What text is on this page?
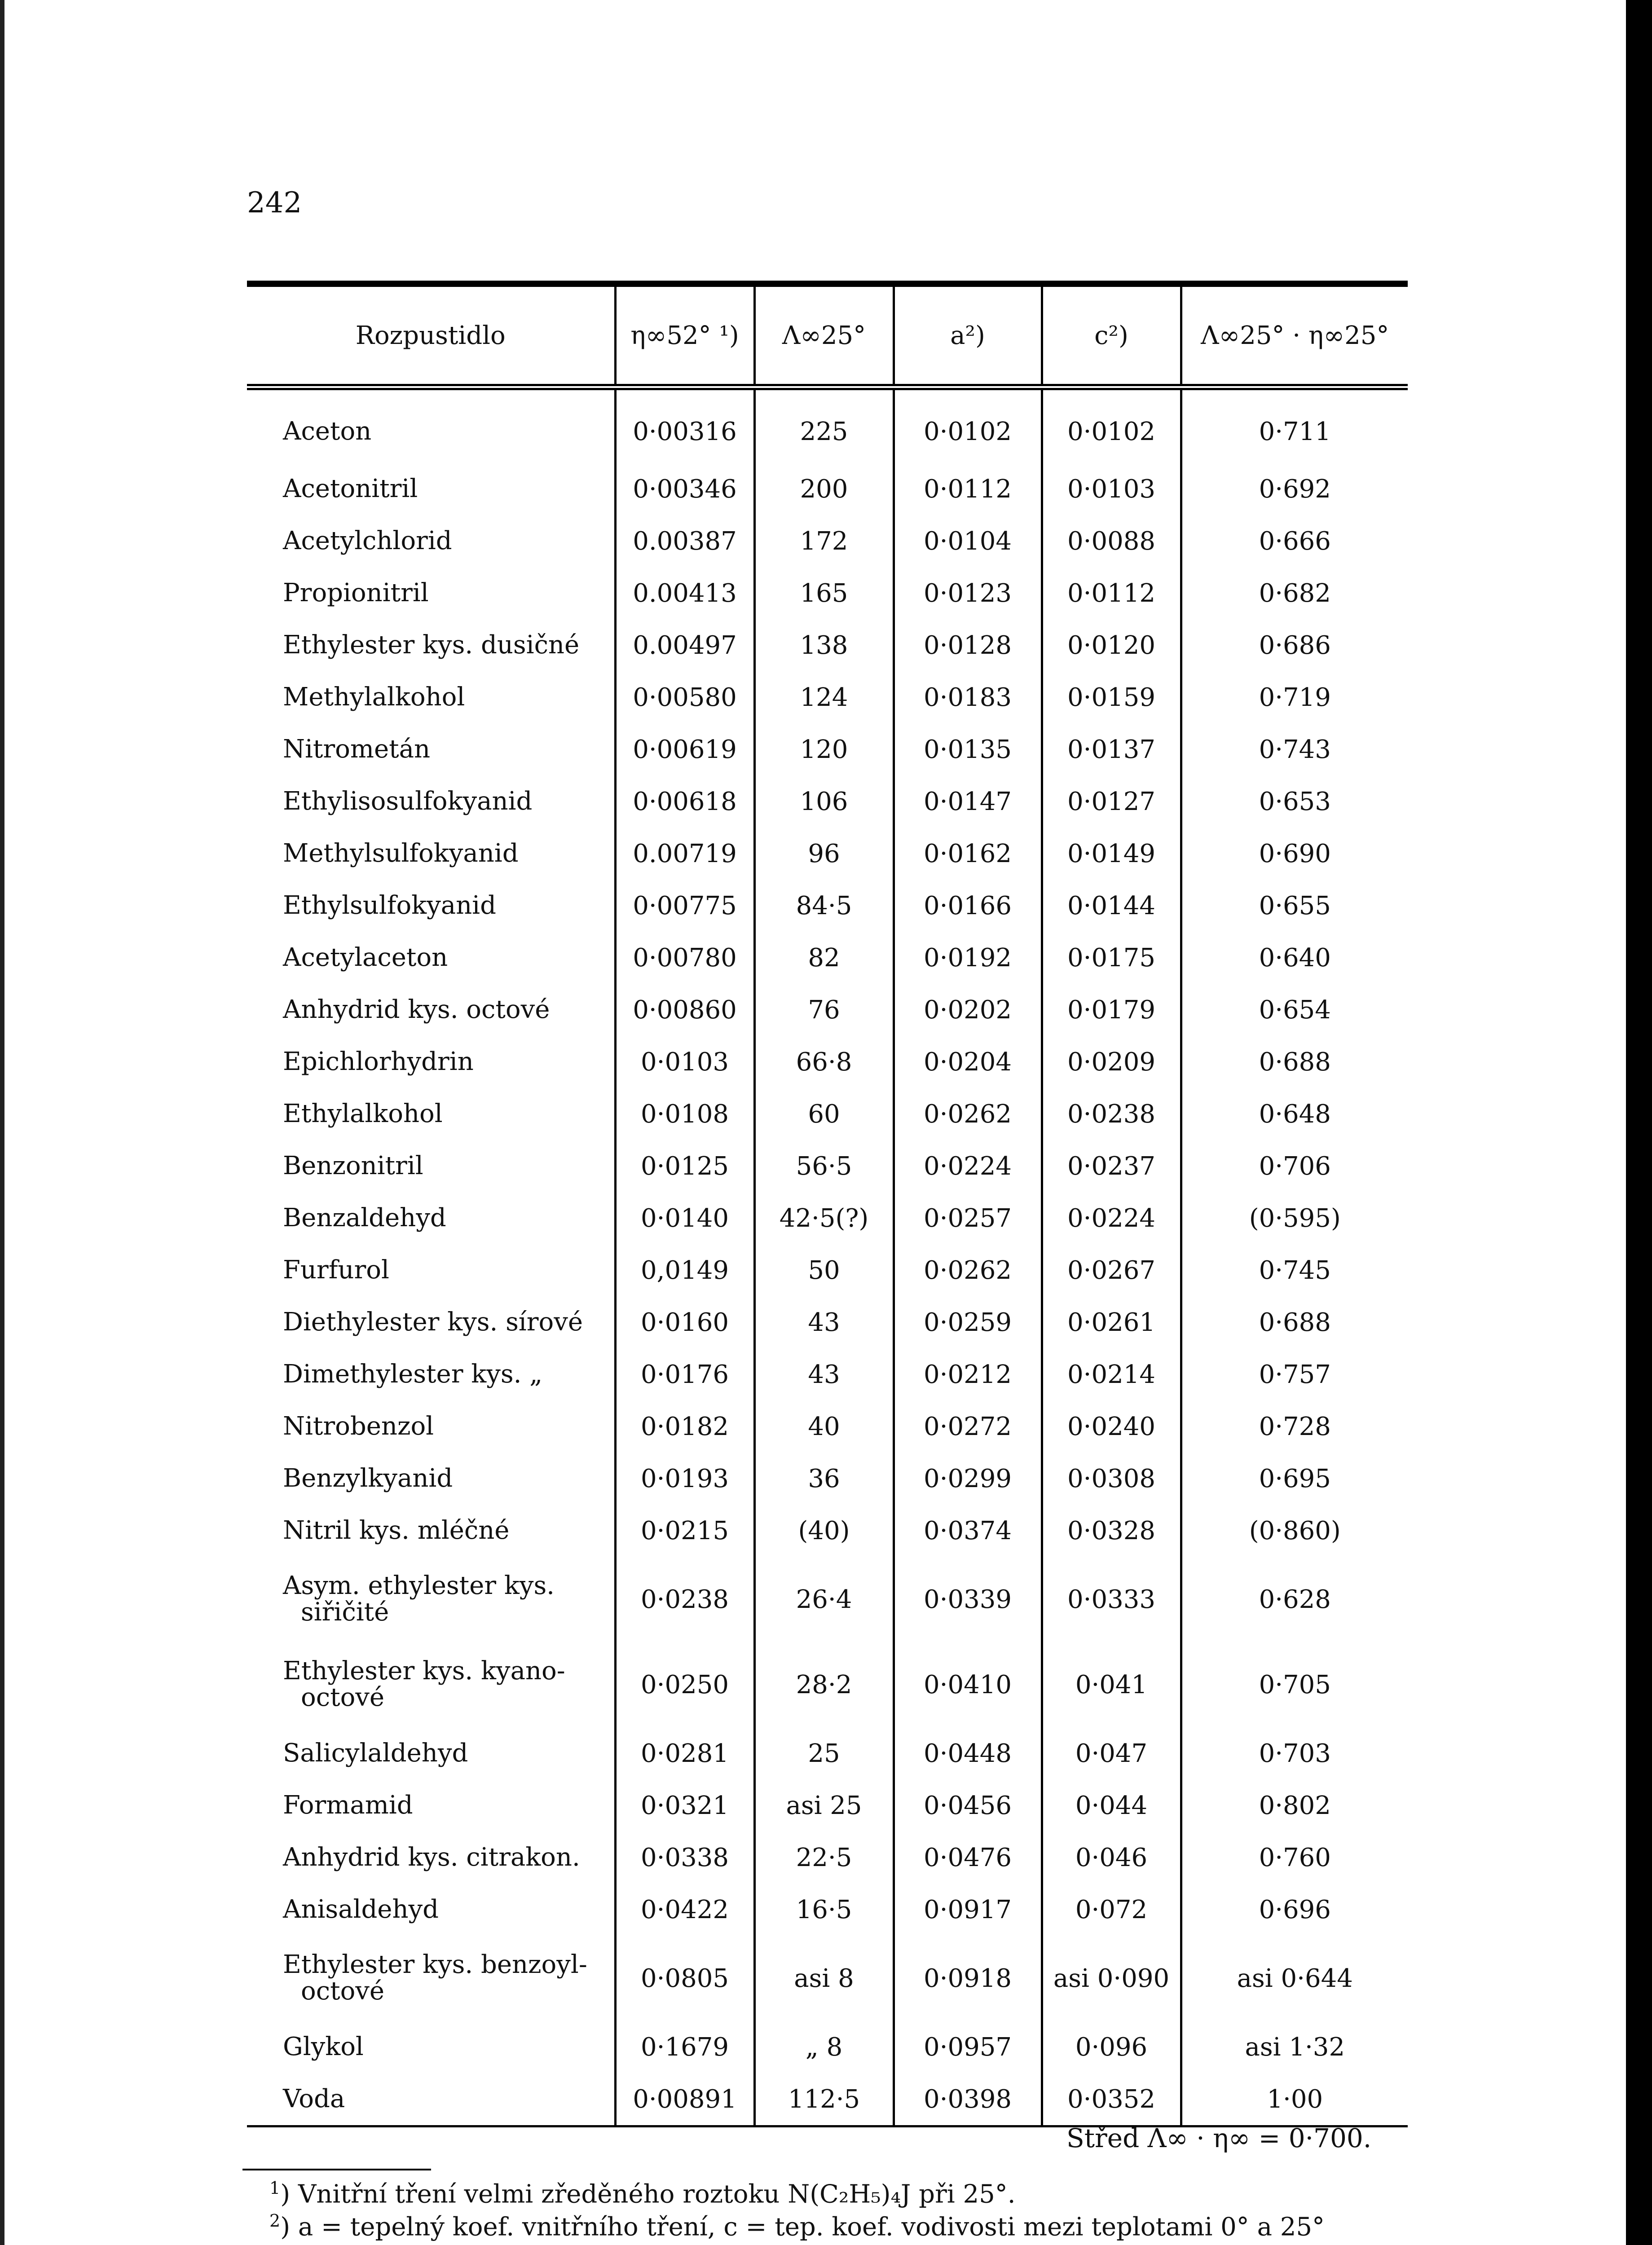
242
Rozpustidlo	η∞52° ¹)	Λ∞25°	a²)	c²)	Λ∞25° · η∞25°
Aceton	0·00316	225	0·0102	0·0102	0·711
Acetonitril	0·00346	200	0·0112	0·0103	0·692
Acetylchlorid	0.00387	172	0·0104	0·0088	0·666
Propionitril	0.00413	165	0·0123	0·0112	0·682
Ethylester kys. dusičné	0.00497	138	0·0128	0·0120	0·686
Methylalkohol	0·00580	124	0·0183	0·0159	0·719
Nitrometán	0·00619	120	0·0135	0·0137	0·743
Ethylisosulfokyanid	0·00618	106	0·0147	0·0127	0·653
Methylsulfokyanid	0.00719	96	0·0162	0·0149	0·690
Ethylsulfokyanid	0·00775	84·5	0·0166	0·0144	0·655
Acetylaceton	0·00780	82	0·0192	0·0175	0·640
Anhydrid kys. octové	0·00860	76	0·0202	0·0179	0·654
Epichlorhydrin	0·0103	66·8	0·0204	0·0209	0·688
Ethylalkohol	0·0108	60	0·0262	0·0238	0·648
Benzonitril	0·0125	56·5	0·0224	0·0237	0·706
Benzaldehyd	0·0140	42·5(?)	0·0257	0·0224	(0·595)
Furfurol	0,0149	50	0·0262	0·0267	0·745
Diethylester kys. sírové	0·0160	43	0·0259	0·0261	0·688
Dimethylester kys. „	0·0176	43	0·0212	0·0214	0·757
Nitrobenzol	0·0182	40	0·0272	0·0240	0·728
Benzylkyanid	0·0193	36	0·0299	0·0308	0·695
Nitril kys. mléčné	0·0215	(40)	0·0374	0·0328	(0·860)

Asym. ethylester kys.
siřičité	0·0238	26·4	0·0339	0·0333	0·628

Ethylester kys. kyano-
octové	0·0250	28·2	0·0410	0·041	0·705
Salicylaldehyd	0·0281	25	0·0448	0·047	0·703
Formamid	0·0321	asi 25	0·0456	0·044	0·802
Anhydrid kys. citrakon.	0·0338	22·5	0·0476	0·046	0·760
Anisaldehyd	0·0422	16·5	0·0917	0·072	0·696

Ethylester kys. benzoyl-
octové	0·0805	asi 8	0·0918	asi 0·090	asi 0·644
Glykol	0·1679	„ 8	0·0957	0·096	asi 1·32
Voda	0·00891	112·5	0·0398	0·0352	1·00
Střed Λ∞ · η∞ = 0·700.
$^1$) Vnitřní tření velmi zředěného roztoku N(C₂H₅)₄J při 25°.
$^2$) a = tepelný koef. vnitřního tření, c = tep. koef. vodivosti mezi teplotami 0° a 25°
